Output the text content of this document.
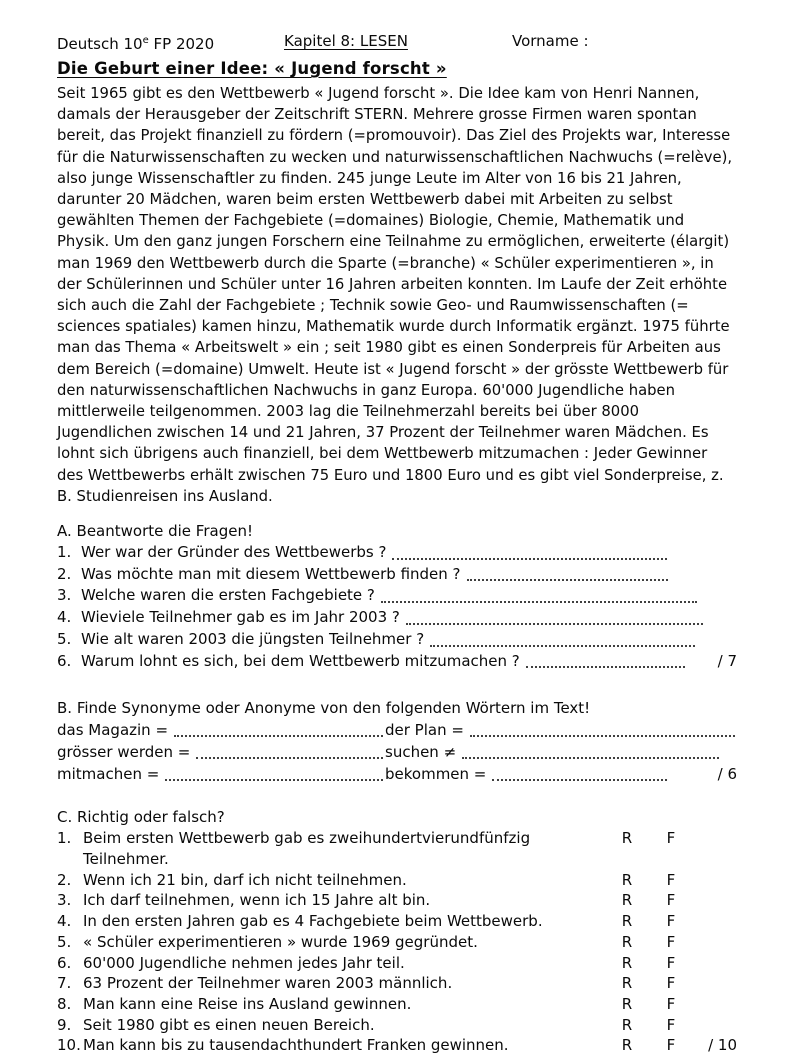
Deutsch 10e FP 2020	Kapitel 8: LESEN	Vorname :
Die Geburt einer Idee: « Jugend forscht »

Seit 1965 gibt es den Wettbewerb « Jugend forscht ». Die Idee kam von Henri Nannen, damals der Herausgeber der Zeitschrift STERN. Mehrere grosse Firmen waren spontan bereit, das Projekt finanziell zu fördern (=promouvoir). Das Ziel des Projekts war, Interesse für die Naturwissenschaften zu wecken und naturwissenschaftlichen Nachwuchs (=relève), also junge Wissenschaftler zu finden. 245 junge Leute im Alter von 16 bis 21 Jahren, darunter 20 Mädchen, waren beim ersten Wettbewerb dabei mit Arbeiten zu selbst gewählten Themen der Fachgebiete (=domaines) Biologie, Chemie, Mathematik und Physik. Um den ganz jungen Forschern eine Teilnahme zu ermöglichen, erweiterte (élargit) man 1969 den Wettbewerb durch die Sparte (=branche) « Schüler experimentieren », in der Schülerinnen und Schüler unter 16 Jahren arbeiten konnten. Im Laufe der Zeit erhöhte sich auch die Zahl der Fachgebiete ; Technik sowie Geo- und Raumwissenschaften (= sciences spatiales) kamen hinzu, Mathematik wurde durch Informatik ergänzt. 1975 führte man das Thema « Arbeitswelt » ein ; seit 1980 gibt es einen Sonderpreis für Arbeiten aus dem Bereich (=domaine) Umwelt. Heute ist « Jugend forscht » der grösste Wettbewerb für den naturwissenschaftlichen Nachwuchs in ganz Europa. 60'000 Jugendliche haben mittlerweile teilgenommen. 2003 lag die Teilnehmerzahl bereits bei über 8000 Jugendlichen zwischen 14 und 21 Jahren, 37 Prozent der Teilnehmer waren Mädchen. Es lohnt sich übrigens auch finanziell, bei dem Wettbewerb mitzumachen : Jeder Gewinner des Wettbewerbs erhält zwischen 75 Euro und 1800 Euro und es gibt viel Sonderpreise, z. B. Studienreisen ins Ausland.

A. Beantworte die Fragen!
1. Wer war der Gründer des Wettbewerbs ?
2. Was möchte man mit diesem Wettbewerb finden ?
3. Welche waren die ersten Fachgebiete ?
4. Wieviele Teilnehmer gab es im Jahr 2003 ?
5. Wie alt waren 2003 die jüngsten Teilnehmer ?
6. Warum lohnt es sich, bei dem Wettbewerb mitzumachen ?	/ 7
B. Finde Synonyme oder Anonyme von den folgenden Wörtern im Text!
das Magazin =	der Plan =
grösser werden =	suchen ≠
mitmachen =	bekommen =	/ 6
C. Richtig oder falsch?
1. Beim ersten Wettbewerb gab es zweihundertvierundfünfzig Teilnehmer.
R	F
2. Wenn ich 21 bin, darf ich nicht teilnehmen.	R	F
3. Ich darf teilnehmen, wenn ich 15 Jahre alt bin.	R	F
4. In den ersten Jahren gab es 4 Fachgebiete beim Wettbewerb.	R	F
5. « Schüler experimentieren » wurde 1969 gegründet.	R	F
6. 60'000 Jugendliche nehmen jedes Jahr teil.	R	F
7. 63 Prozent der Teilnehmer waren 2003 männlich.	R	F
8. Man kann eine Reise ins Ausland gewinnen.	R	F
9. Seit 1980 gibt es einen neuen Bereich.	R	F
10. Man kann bis zu tausendachthundert Franken gewinnen.	R	F	/ 10
